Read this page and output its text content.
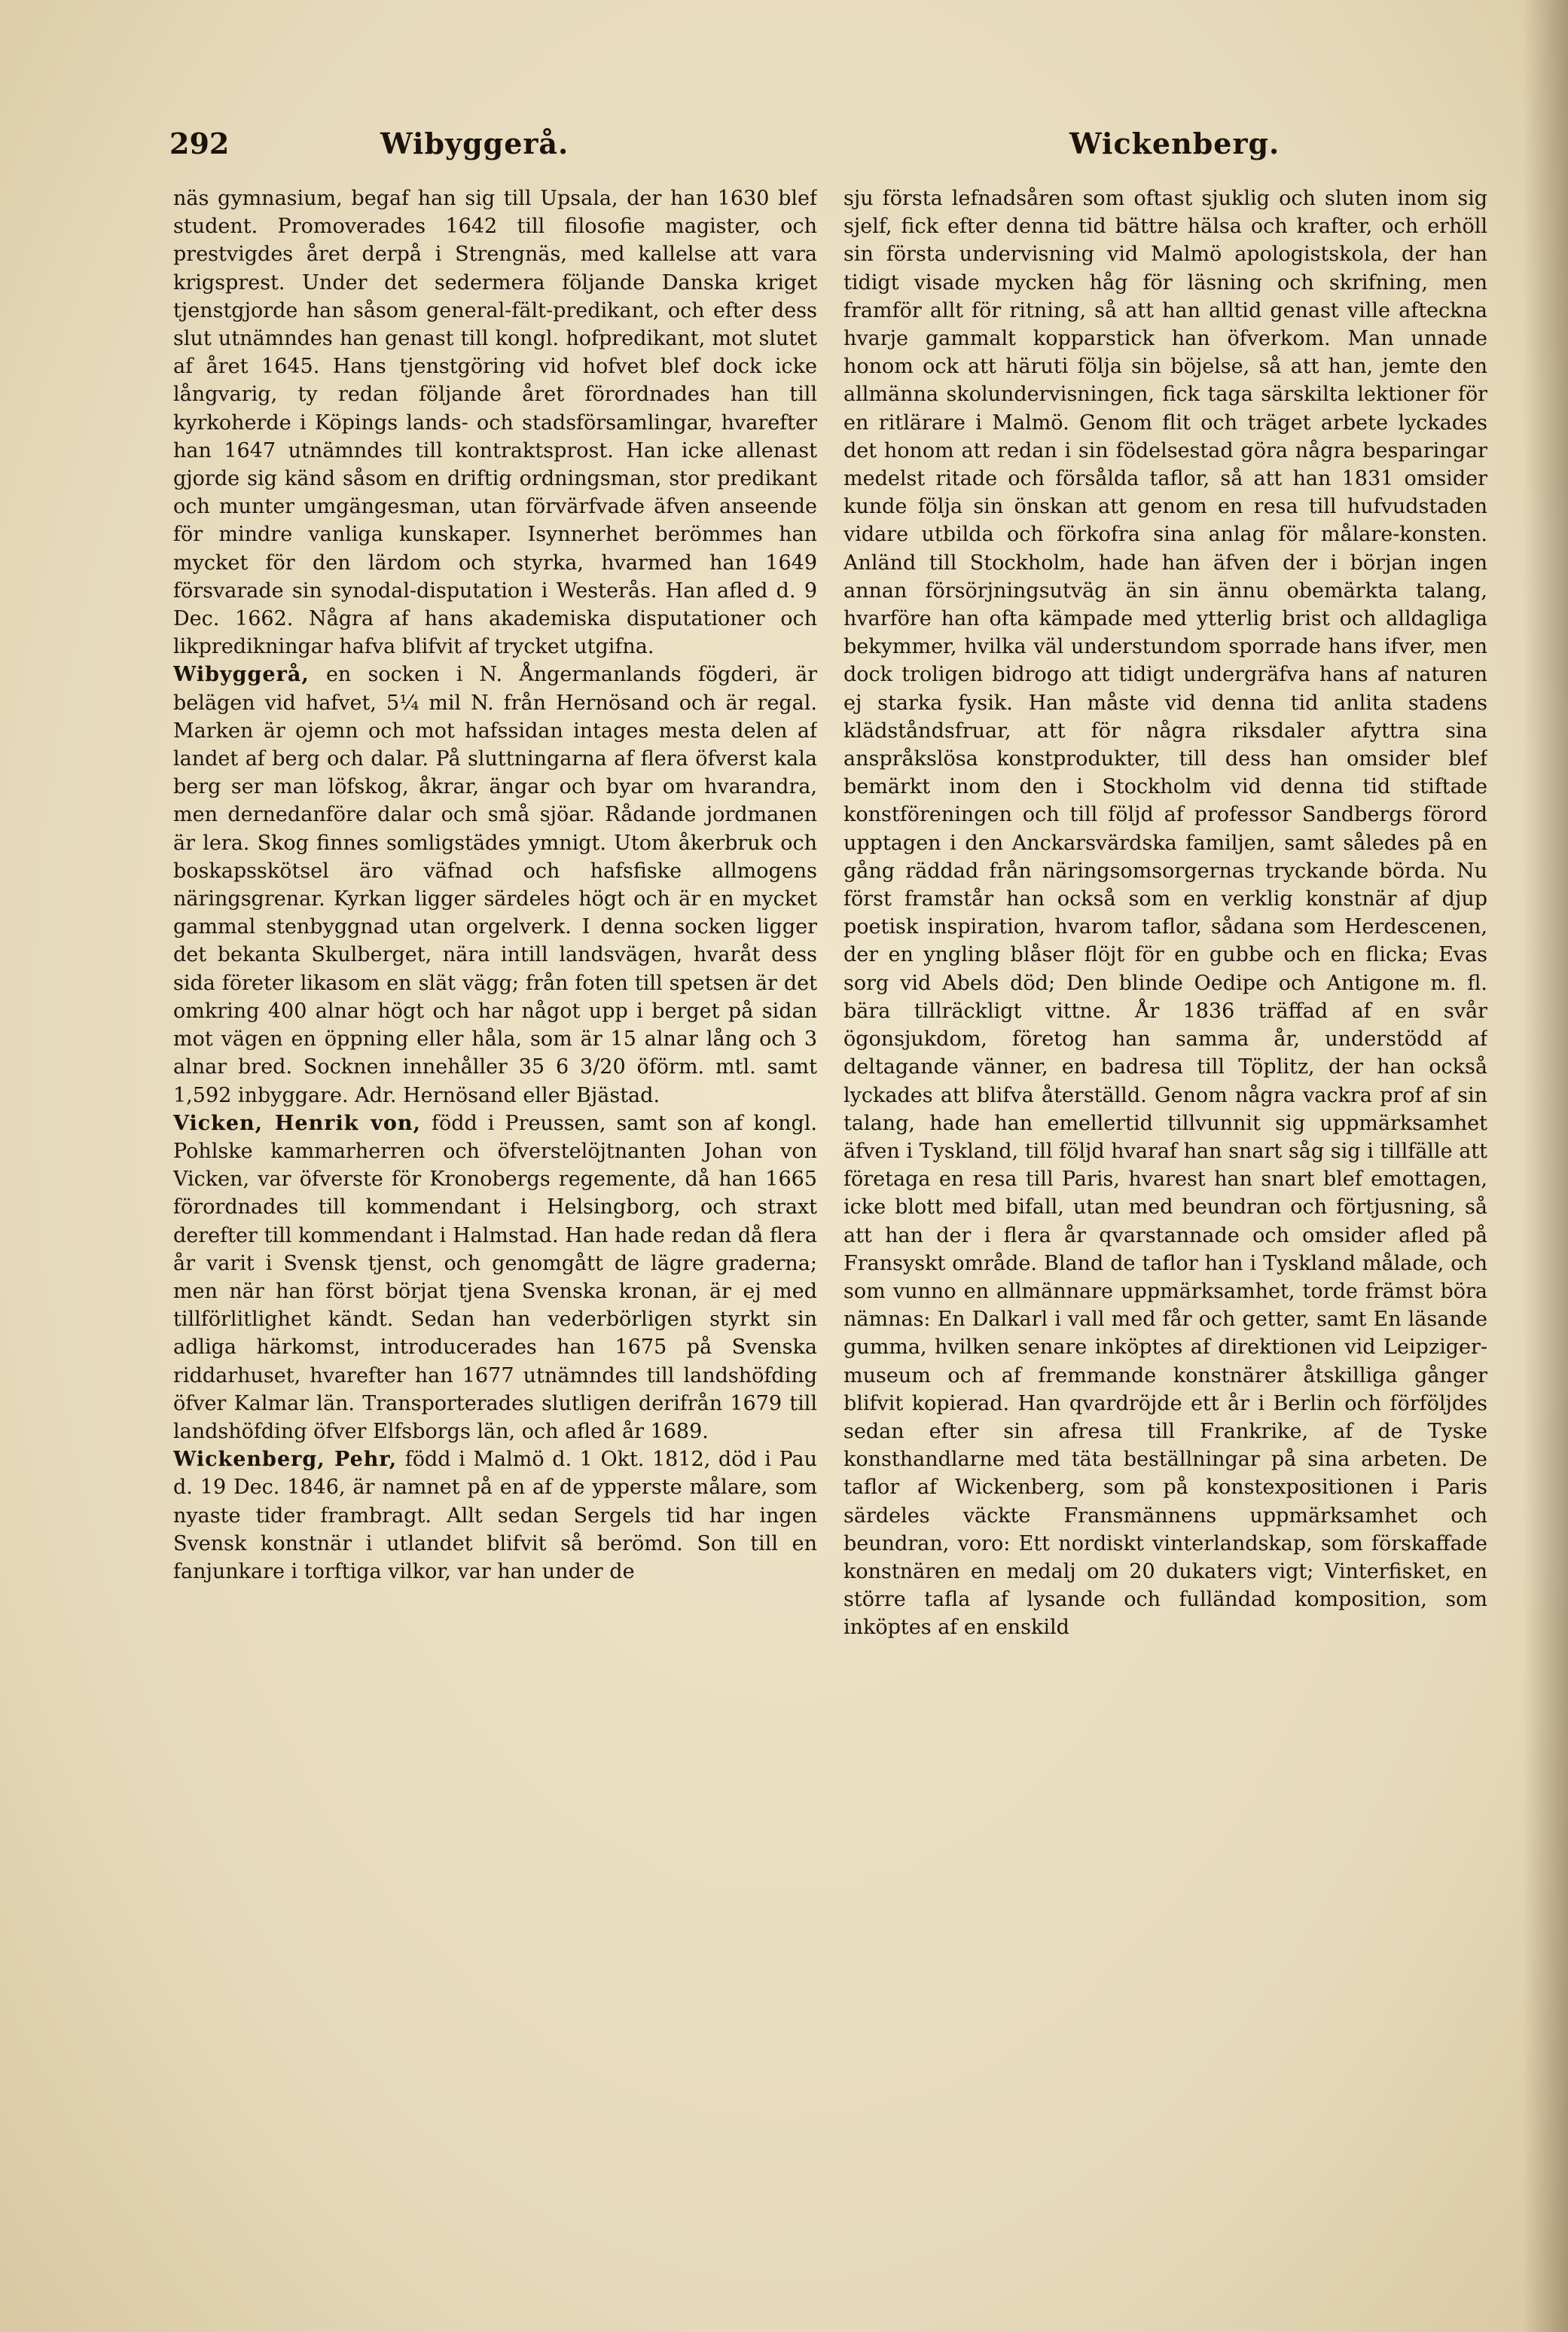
292	Wibyggerå.	Wickenberg.

näs gymnasium, begaf han sig till Upsala, der han 1630 blef student. Promoverades 1642 till filosofie magister, och prestvigdes året derpå i Strengnäs, med kallelse att vara krigsprest. Under det sedermera följande Danska kriget tjenstgjorde han såsom general-fält-predikant, och efter dess slut utnämndes han genast till kongl. hofpredikant, mot slutet af året 1645. Hans tjenstgöring vid hofvet blef dock icke långvarig, ty redan följande året förordnades han till kyrkoherde i Köpings lands- och stadsförsamlingar, hvarefter han 1647 utnämndes till kontraktsprost. Han icke allenast gjorde sig känd såsom en driftig ordningsman, stor predikant och munter umgängesman, utan förvärfvade äfven anseende för mindre vanliga kunskaper. Isynnerhet berömmes han mycket för den lärdom och styrka, hvarmed han 1649 försvarade sin synodal-disputation i Westerås. Han afled d. 9 Dec. 1662. Några af hans akademiska disputationer och likpredikningar hafva blifvit af trycket utgifna.

Wibyggerå, en socken i N. Ångermanlands fögderi, är belägen vid hafvet, 5¼ mil N. från Hernösand och är regal. Marken är ojemn och mot hafssidan intages mesta delen af landet af berg och dalar. På sluttningarna af flera öfverst kala berg ser man löfskog, åkrar, ängar och byar om hvarandra, men dernedanföre dalar och små sjöar. Rådande jordmanen är lera. Skog finnes somligstädes ymnigt. Utom åkerbruk och boskapsskötsel äro väfnad och hafsfiske allmogens näringsgrenar. Kyrkan ligger särdeles högt och är en mycket gammal stenbyggnad utan orgelverk. I denna socken ligger det bekanta Skulberget, nära intill landsvägen, hvaråt dess sida företer likasom en slät vägg; från foten till spetsen är det omkring 400 alnar högt och har något upp i berget på sidan mot vägen en öppning eller håla, som är 15 alnar lång och 3 alnar bred. Socknen innehåller 35 6 3/20 öförm. mtl. samt 1,592 inbyggare. Adr. Hernösand eller Bjästad.

Vicken, Henrik von, född i Preussen, samt son af kongl. Pohlske kammarherren och öfverstelöjtnanten Johan von Vicken, var öfverste för Kronobergs regemente, då han 1665 förordnades till kommendant i Helsingborg, och straxt derefter till kommendant i Halmstad. Han hade redan då flera år varit i Svensk tjenst, och genomgått de lägre graderna; men när han först börjat tjena Svenska kronan, är ej med tillförlitlighet kändt. Sedan han vederbörligen styrkt sin adliga härkomst, introducerades han 1675 på Svenska riddarhuset, hvarefter han 1677 utnämndes till landshöfding öfver Kalmar län. Transporterades slutligen derifrån 1679 till landshöfding öfver Elfsborgs län, och afled år 1689.

Wickenberg, Pehr, född i Malmö d. 1 Okt. 1812, död i Pau d. 19 Dec. 1846, är namnet på en af de ypperste målare, som nyaste tider frambragt. Allt sedan Sergels tid har ingen Svensk konstnär i utlandet blifvit så berömd. Son till en fanjunkare i torftiga vilkor, var han under de

sju första lefnadsåren som oftast sjuklig och sluten inom sig sjelf, fick efter denna tid bättre hälsa och krafter, och erhöll sin första undervisning vid Malmö apologistskola, der han tidigt visade mycken håg för läsning och skrifning, men framför allt för ritning, så att han alltid genast ville afteckna hvarje gammalt kopparstick han öfverkom. Man unnade honom ock att häruti följa sin böjelse, så att han, jemte den allmänna skolundervisningen, fick taga särskilta lektioner för en ritlärare i Malmö. Genom flit och träget arbete lyckades det honom att redan i sin födelsestad göra några besparingar medelst ritade och försålda taflor, så att han 1831 omsider kunde följa sin önskan att genom en resa till hufvudstaden vidare utbilda och förkofra sina anlag för målare-konsten. Anländ till Stockholm, hade han äfven der i början ingen annan försörjningsutväg än sin ännu obemärkta talang, hvarföre han ofta kämpade med ytterlig brist och alldagliga bekymmer, hvilka väl understundom sporrade hans ifver, men dock troligen bidrogo att tidigt undergräfva hans af naturen ej starka fysik. Han måste vid denna tid anlita stadens klädståndsfruar, att för några riksdaler afyttra sina anspråkslösa konstprodukter, till dess han omsider blef bemärkt inom den i Stockholm vid denna tid stiftade konstföreningen och till följd af professor Sandbergs förord upptagen i den Anckarsvärdska familjen, samt således på en gång räddad från näringsomsorgernas tryckande börda. Nu först framstår han också som en verklig konstnär af djup poetisk inspiration, hvarom taflor, sådana som Herdescenen, der en yngling blåser flöjt för en gubbe och en flicka; Evas sorg vid Abels död; Den blinde Oedipe och Antigone m. fl. bära tillräckligt vittne. År 1836 träffad af en svår ögonsjukdom, företog han samma år, understödd af deltagande vänner, en badresa till Töplitz, der han också lyckades att blifva återställd. Genom några vackra prof af sin talang, hade han emellertid tillvunnit sig uppmärksamhet äfven i Tyskland, till följd hvaraf han snart såg sig i tillfälle att företaga en resa till Paris, hvarest han snart blef emottagen, icke blott med bifall, utan med beundran och förtjusning, så att han der i flera år qvarstannade och omsider afled på Fransyskt område. Bland de taflor han i Tyskland målade, och som vunno en allmännare uppmärksamhet, torde främst böra nämnas: En Dalkarl i vall med får och getter, samt En läsande gumma, hvilken senare inköptes af direktionen vid Leipziger-museum och af fremmande konstnärer åtskilliga gånger blifvit kopierad. Han qvardröjde ett år i Berlin och förföljdes sedan efter sin afresa till Frankrike, af de Tyske konsthandlarne med täta beställningar på sina arbeten. De taflor af Wickenberg, som på konstexpositionen i Paris särdeles väckte Fransmännens uppmärksamhet och beundran, voro: Ett nordiskt vinterlandskap, som förskaffade konstnären en medalj om 20 dukaters vigt; Vinterfisket, en större tafla af lysande och fulländad komposition, som inköptes af en enskild
